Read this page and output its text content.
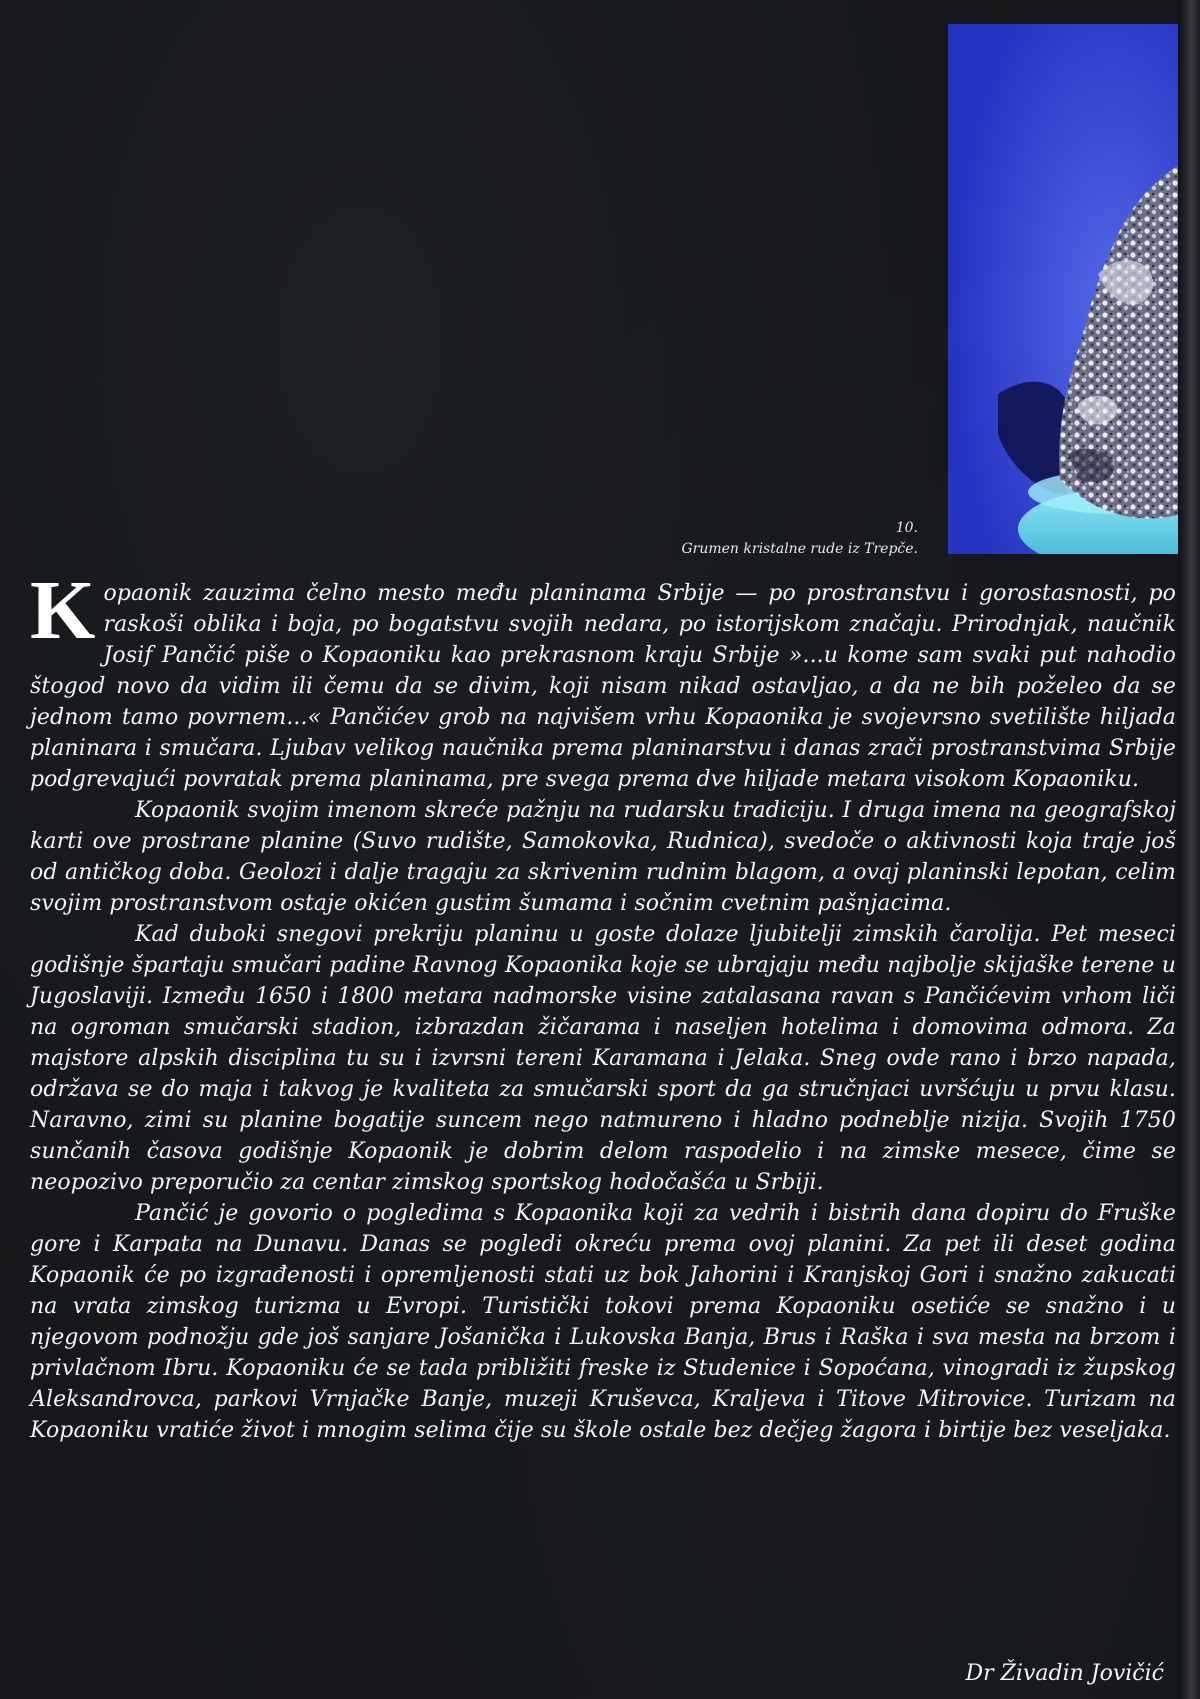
10.
Grumen kristalne rude iz Trepče.

Kopaonik zauzima čelno mesto među planinama Srbije — po prostranstvu i gorostasnosti, po raskoši oblika i boja, po bogatstvu svojih nedara, po istorijskom značaju. Prirodnjak, naučnik Josif Pančić piše o Kopaoniku kao prekrasnom kraju Srbije »...u kome sam svaki put nahodio štogod novo da vidim ili čemu da se divim, koji nisam nikad ostavljao, a da ne bih poželeo da se jednom tamo povrnem...« Pančićev grob na najvišem vrhu Kopaonika je svojevrsno svetilište hiljada planinara i smučara. Ljubav velikog naučnika prema planinarstvu i danas zrači prostranstvima Srbije podgrevajući povratak prema planinama, pre svega prema dve hiljade metara visokom Kopaoniku.

Kopaonik svojim imenom skreće pažnju na rudarsku tradiciju. I druga imena na geografskoj karti ove prostrane planine (Suvo rudište, Samokovka, Rudnica), svedoče o aktivnosti koja traje još od antičkog doba. Geolozi i dalje tragaju za skrivenim rudnim blagom, a ovaj planinski lepotan, celim svojim prostranstvom ostaje okićen gustim šumama i sočnim cvetnim pašnjacima.

Kad duboki snegovi prekriju planinu u goste dolaze ljubitelji zimskih čarolija. Pet meseci godišnje špartaju smučari padine Ravnog Kopaonika koje se ubrajaju među najbolje skijaške terene u Jugoslaviji. Između 1650 i 1800 metara nadmorske visine zatalasana ravan s Pančićevim vrhom liči na ogroman smučarski stadion, izbrazdan žičarama i naseljen hotelima i domovima odmora. Za majstore alpskih disciplina tu su i izvrsni tereni Karamana i Jelaka. Sneg ovde rano i brzo napada, održava se do maja i takvog je kvaliteta za smučarski sport da ga stručnjaci uvršćuju u prvu klasu. Naravno, zimi su planine bogatije suncem nego natmureno i hladno podneblje nizija. Svojih 1750 sunčanih časova godišnje Kopaonik je dobrim delom raspodelio i na zimske mesece, čime se neopozivo preporučio za centar zimskog sportskog hodočašća u Srbiji.

Pančić je govorio o pogledima s Kopaonika koji za vedrih i bistrih dana dopiru do Fruške gore i Karpata na Dunavu. Danas se pogledi okreću prema ovoj planini. Za pet ili deset godina Kopaonik će po izgrađenosti i opremljenosti stati uz bok Jahorini i Kranjskoj Gori i snažno zakucati na vrata zimskog turizma u Evropi. Turistički tokovi prema Kopaoniku osetiće se snažno i u njegovom podnožju gde još sanjare Jošanička i Lukovska Banja, Brus i Raška i sva mesta na brzom i privlačnom Ibru. Kopaoniku će se tada približiti freske iz Studenice i Sopoćana, vinogradi iz župskog Aleksandrovca, parkovi Vrnjačke Banje, muzeji Kruševca, Kraljeva i Titove Mitrovice. Turizam na Kopaoniku vratiće život i mnogim selima čije su škole ostale bez dečjeg žagora i birtije bez veseljaka.

Dr Živadin Jovičić
